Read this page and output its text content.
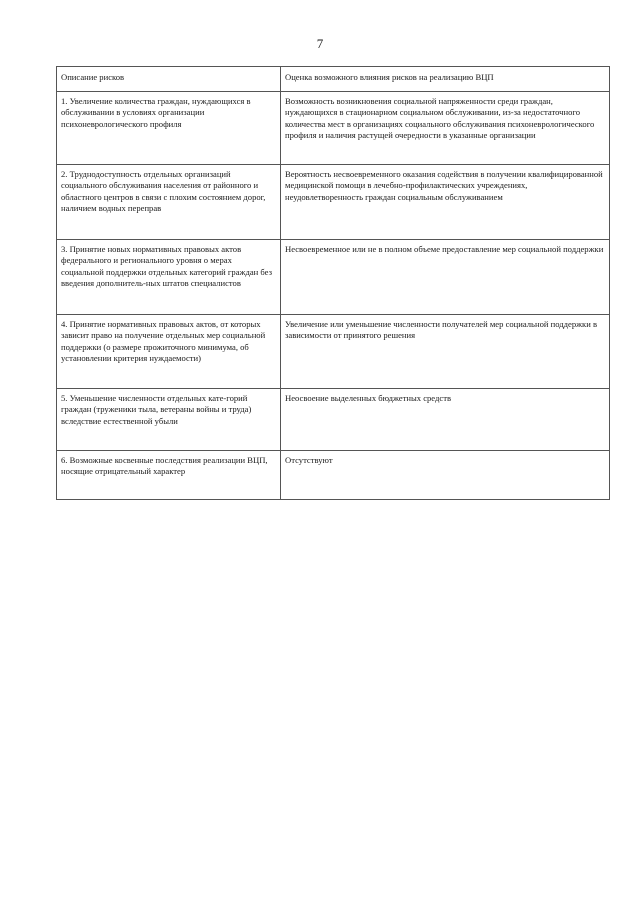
7
Описание рисков	Оценка возможного влияния рисков на реализацию ВЦП
1. Увеличение количества граждан, нуждающихся в обслуживании в условиях организации психоневрологического профиля	Возможность возникновения социальной напряженности среди граждан, нуждающихся в стационарном социальном обслуживании, из-за недостаточного количества мест в организациях социального обслуживания психоневрологического профиля и наличия растущей очередности в указанные организации
2. Труднодоступность отдельных организаций социального обслуживания населения от районного и областного центров в связи с плохим состоянием дорог, наличием водных переправ	Вероятность несвоевременного оказания содействия в получении квалифицированной медицинской помощи в лечебно-профилактических учреждениях, неудовлетворенность граждан социальным обслуживанием
3. Принятие новых нормативных правовых актов федерального и регионального уровня о мерах социальной поддержки отдельных категорий граждан без введения дополнитель-ных штатов специалистов	Несвоевременное или не в полном объеме предоставление мер социальной поддержки
4. Принятие нормативных правовых актов, от которых зависит право на получение отдельных мер социальной поддержки (о размере прожиточного минимума, об установлении критерия нуждаемости)	Увеличение или уменьшение численности получателей мер социальной поддержки в зависимости от принятого решения
5. Уменьшение численности отдельных кате-горий граждан (труженики тыла, ветераны войны и труда) вследствие естественной убыли	Неосвоение выделенных бюджетных средств
6. Возможные косвенные последствия реализации ВЦП, носящие отрицательный характер	Отсутствуют
